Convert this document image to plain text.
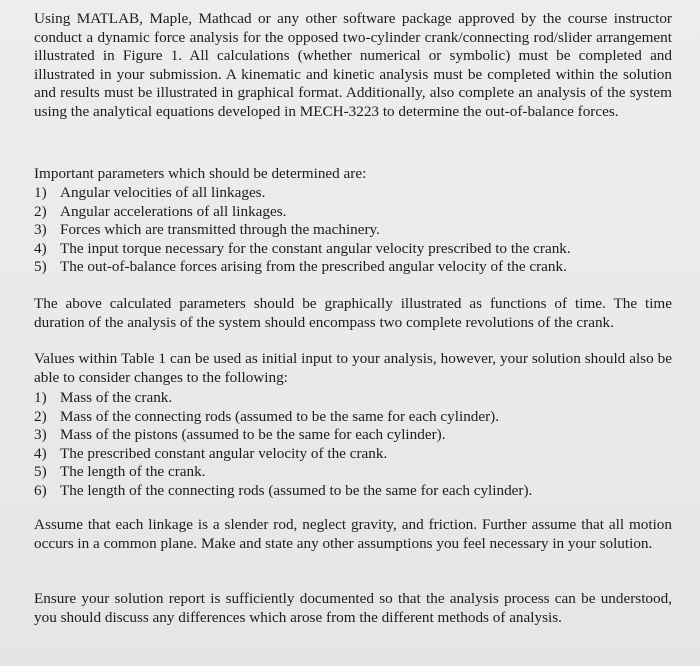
Using MATLAB, Maple, Mathcad or any other software package approved by the course instructor conduct a dynamic force analysis for the opposed two-cylinder crank/connecting rod/slider arrangement illustrated in Figure 1. All calculations (whether numerical or symbolic) must be completed and illustrated in your submission. A kinematic and kinetic analysis must be completed within the solution and results must be illustrated in graphical format. Additionally, also complete an analysis of the system using the analytical equations developed in MECH-3223 to determine the out-of-balance forces.

Important parameters which should be determined are:

1) Angular velocities of all linkages.
2) Angular accelerations of all linkages.
3) Forces which are transmitted through the machinery.
4) The input torque necessary for the constant angular velocity prescribed to the crank.
5) The out-of-balance forces arising from the prescribed angular velocity of the crank.

The above calculated parameters should be graphically illustrated as functions of time. The time duration of the analysis of the system should encompass two complete revolutions of the crank.

Values within Table 1 can be used as initial input to your analysis, however, your solution should also be able to consider changes to the following:

1) Mass of the crank.
2) Mass of the connecting rods (assumed to be the same for each cylinder).
3) Mass of the pistons (assumed to be the same for each cylinder).
4) The prescribed constant angular velocity of the crank.
5) The length of the crank.
6) The length of the connecting rods (assumed to be the same for each cylinder).

Assume that each linkage is a slender rod, neglect gravity, and friction. Further assume that all motion occurs in a common plane. Make and state any other assumptions you feel necessary in your solution.

Ensure your solution report is sufficiently documented so that the analysis process can be understood, you should discuss any differences which arose from the different methods of analysis.
